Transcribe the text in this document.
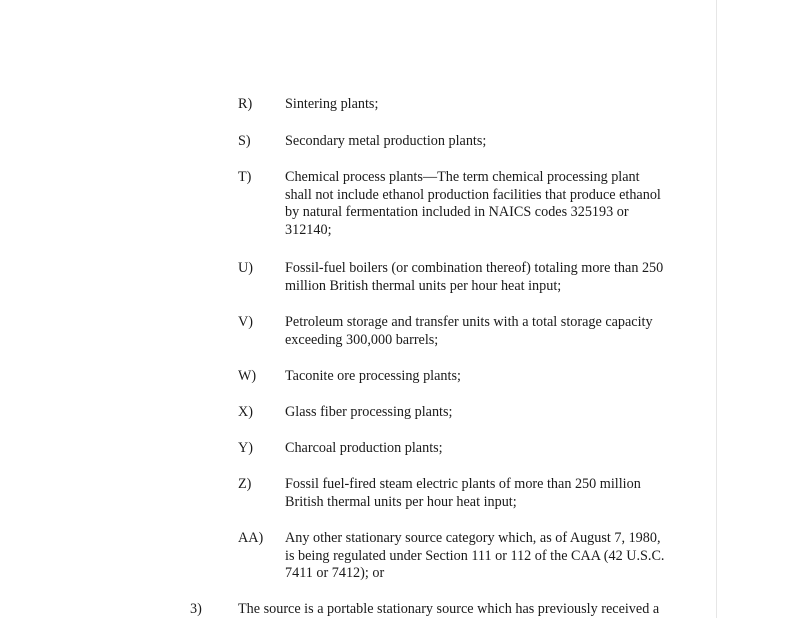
R) Sintering plants;
S) Secondary metal production plants;
T) Chemical process plants—The term chemical processing plant
shall not include ethanol production facilities that produce ethanol
by natural fermentation included in NAICS codes 325193 or
312140;
U) Fossil-fuel boilers (or combination thereof) totaling more than 250
million British thermal units per hour heat input;
V) Petroleum storage and transfer units with a total storage capacity
exceeding 300,000 barrels;
W) Taconite ore processing plants;
X) Glass fiber processing plants;
Y) Charcoal production plants;
Z) Fossil fuel-fired steam electric plants of more than 250 million
British thermal units per hour heat input;
AA) Any other stationary source category which, as of August 7, 1980,
is being regulated under Section 111 or 112 of the CAA (42 U.S.C.
7411 or 7412); or
3)	The source is a portable stationary source which has previously received a
